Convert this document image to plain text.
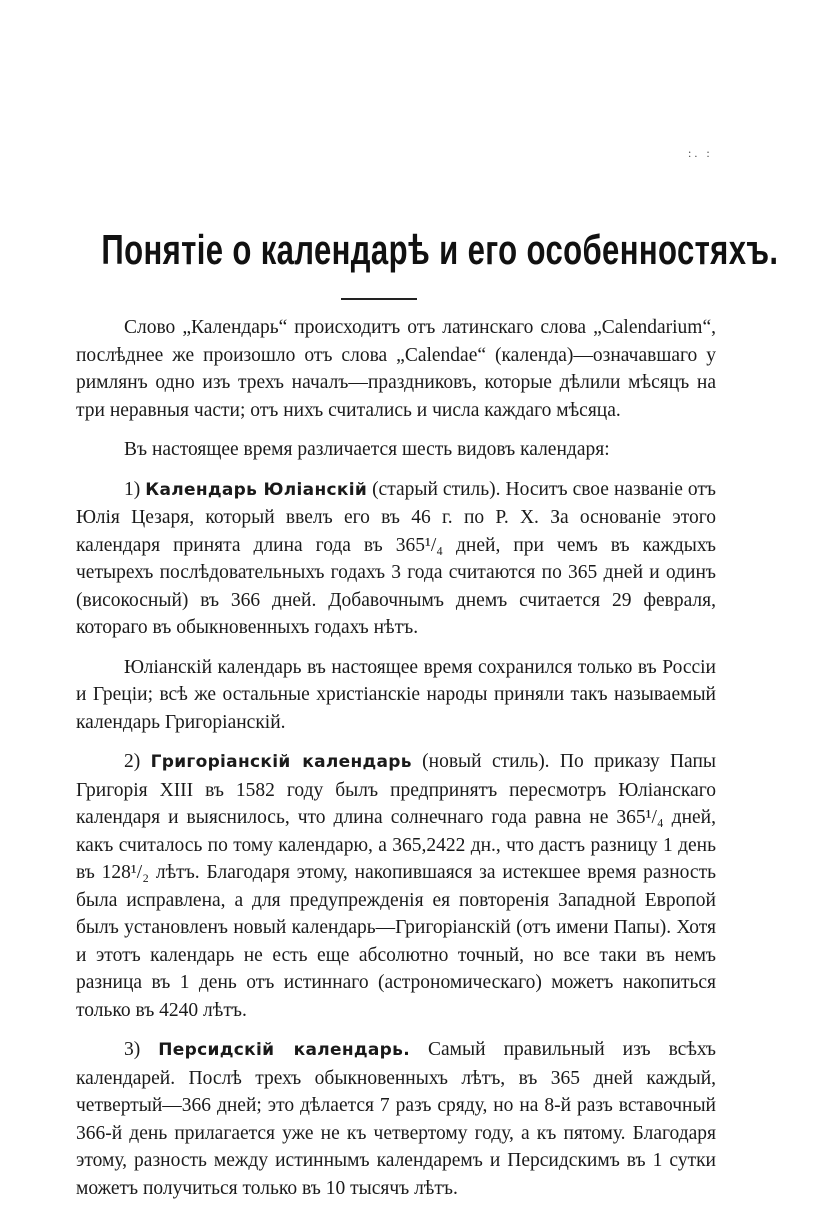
:. :
Понятіе о календарѣ и его особенностяхъ.

Слово „Календарь“ происходитъ отъ латинскаго слова „Calendarium“, послѣднее же произошло отъ слова „Calendae“ (календа)—означавшаго у римлянъ одно изъ трехъ началъ—праздниковъ, которые дѣлили мѣсяцъ на три неравныя части; отъ нихъ считались и числа каждаго мѣсяца.

Въ настоящее время различается шесть видовъ календаря:

1) Календарь Юліанскій (старый стиль). Носитъ свое названіе отъ Юлія Цезаря, который ввелъ его въ 46 г. по Р. Х. За основаніе этого календаря принята длина года въ 365¹/₄ дней, при чемъ въ каждыхъ четырехъ послѣдовательныхъ годахъ 3 года считаются по 365 дней и одинъ (високосный) въ 366 дней. Добавочнымъ днемъ считается 29 февраля, котораго въ обыкновенныхъ годахъ нѣтъ.

Юліанскій календарь въ настоящее время сохранился только въ Россіи и Греціи; всѣ же остальные христіанскіе народы приняли такъ называемый календарь Григоріанскій.

2) Григоріанскій календарь (новый стиль). По приказу Папы Григорія XIII въ 1582 году былъ предпринятъ пересмотръ Юліанскаго календаря и выяснилось, что длина солнечнаго года равна не 365¹/₄ дней, какъ считалось по тому календарю, а 365,2422 дн., что дастъ разницу 1 день въ 128¹/₂ лѣтъ. Благодаря этому, накопившаяся за истекшее время разность была исправлена, а для предупрежденія ея повторенія Западной Европой былъ установленъ новый календарь—Григоріанскій (отъ имени Папы). Хотя и этотъ календарь не есть еще абсолютно точный, но все таки въ немъ разница въ 1 день отъ истиннаго (астрономическаго) можетъ накопиться только въ 4240 лѣтъ.

3) Персидскій календарь. Самый правильный изъ всѣхъ календарей. Послѣ трехъ обыкновенныхъ лѣтъ, въ 365 дней каждый, четвертый—366 дней; это дѣлается 7 разъ сряду, но на 8-й разъ вставочный 366-й день прилагается уже не къ четвертому году, а къ пятому. Благодаря этому, разность между истиннымъ календаремъ и Персидскимъ въ 1 сутки можетъ получиться только въ 10 тысячъ лѣтъ.
